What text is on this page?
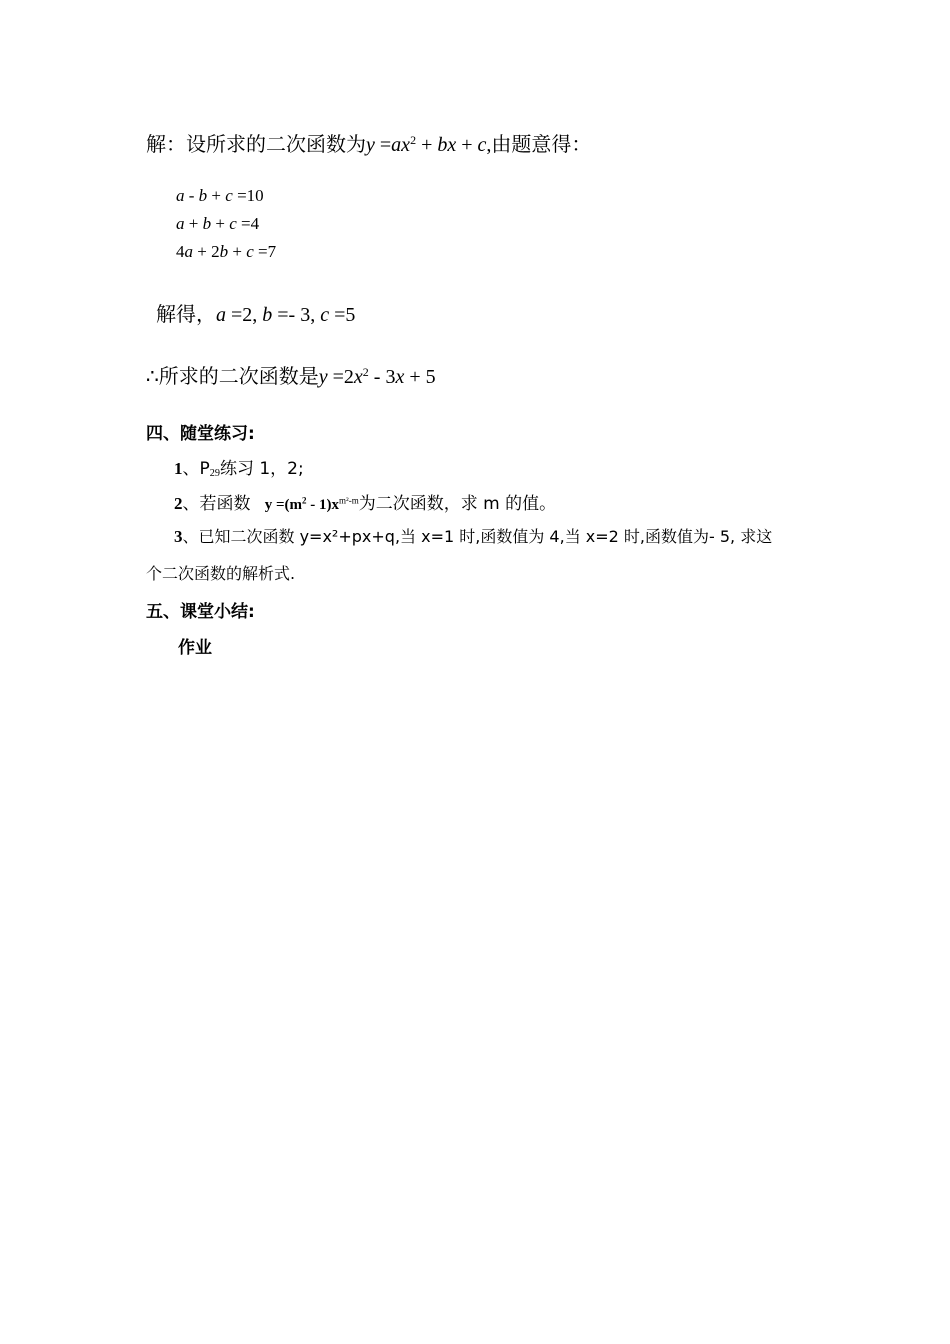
解：设所求的二次函数为$y =ax^2$ + bx + c,由题意得：
a - b + c =10
a + b + c =4
4a + 2b + c =7
解得，a =2, b =- 3, c =5
∴所求的二次函数是$y =2x^2 - 3x + 5$
四、随堂练习:
1、$P_{29}$练习 1，2;
2、若函数 $y =(m^2 - 1)x^{m^2-m}$为二次函数，求 m 的值。
3、已知二次函数 y=x²+px+q,当 x=1 时,函数值为 4,当 x=2 时,函数值为- 5, 求这
个二次函数的解析式.
五、课堂小结:
作业
